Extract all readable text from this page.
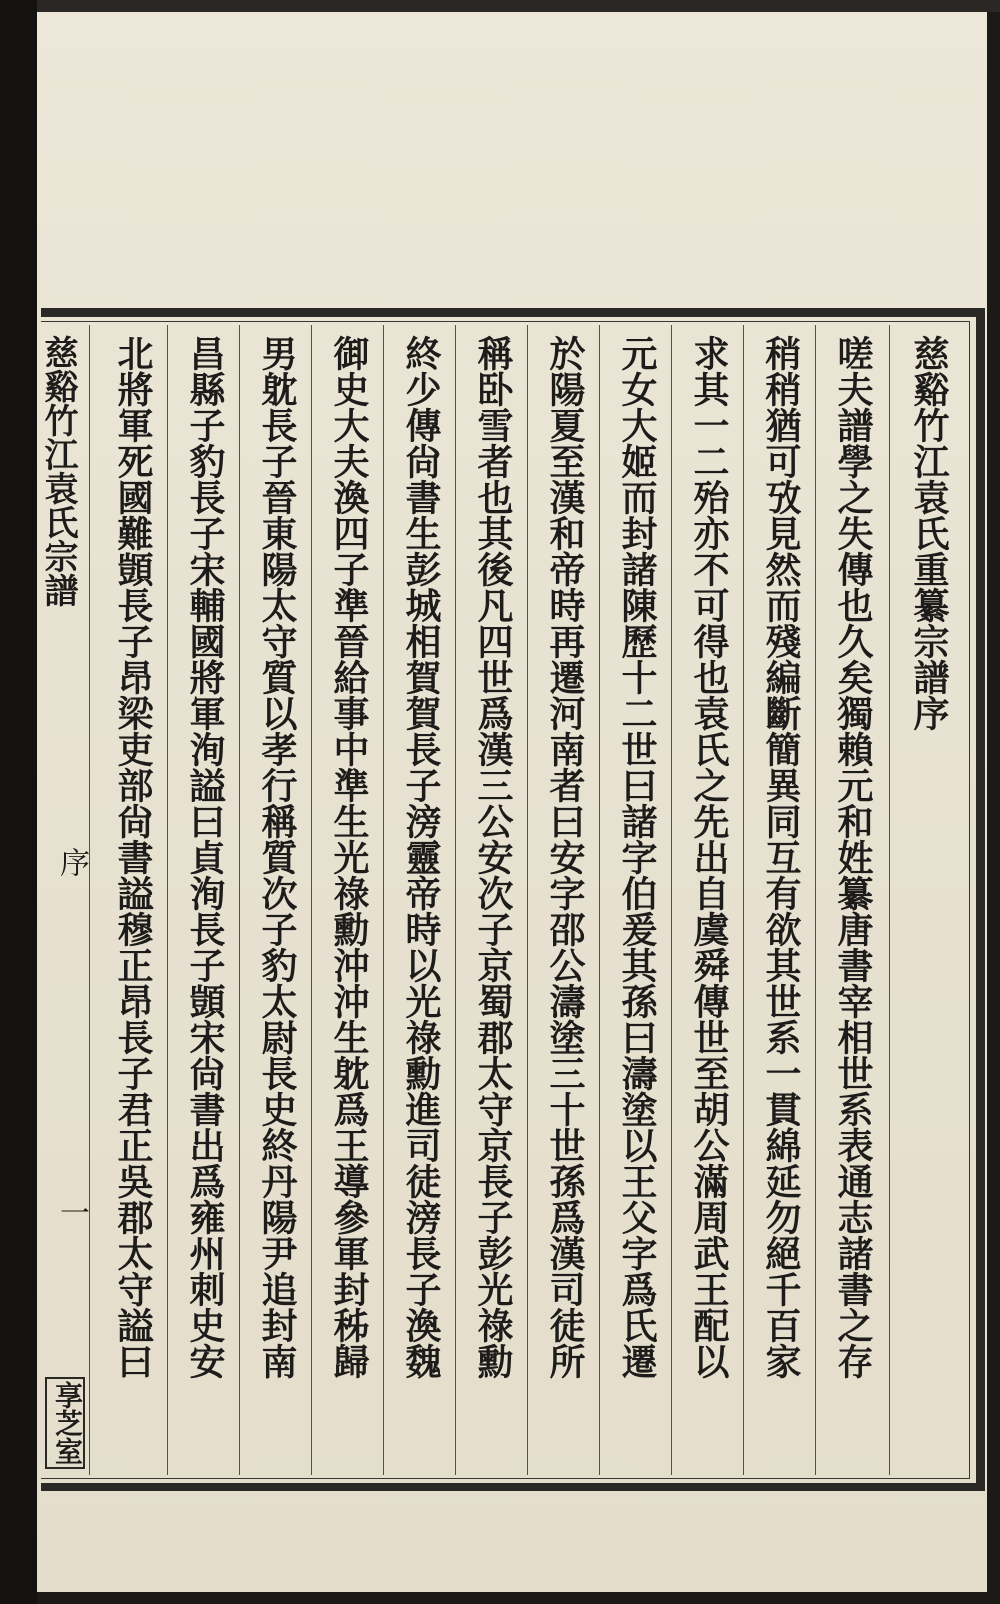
慈谿竹江袁氏宗譜
序
一
享芝室
慈谿竹江袁氏重纂宗譜序
嗟夫譜學之失傳也久矣獨賴元和姓纂唐書宰相世系表通志諸書之存
稍稍猶可攷見然而殘編斷簡異同互有欲其世系一貫綿延勿絕千百家
求其一二殆亦不可得也袁氏之先出自虞舜傳世至胡公滿周武王配以
元女大姬而封諸陳歷十二世曰諸字伯爰其孫曰濤塗以王父字爲氏遷
於陽夏至漢和帝時再遷河南者曰安字邵公濤塗三十世孫爲漢司徒所
稱卧雪者也其後凡四世爲漢三公安次子京蜀郡太守京長子彭光祿勳
終少傳尙書生彭城相賀賀長子滂靈帝時以光祿勳進司徒滂長子渙魏
御史大夫渙四子準晉給事中準生光祿勳沖沖生躭爲王導參軍封秭歸
男躭長子晉東陽太守質以孝行稱質次子豹太尉長史終丹陽尹追封南
昌縣子豹長子宋輔國將軍洵謚曰貞洵長子顗宋尙書出爲雍州刺史安
北將軍死國難顗長子昂梁吏部尙書謚穆正昂長子君正吳郡太守謚曰
